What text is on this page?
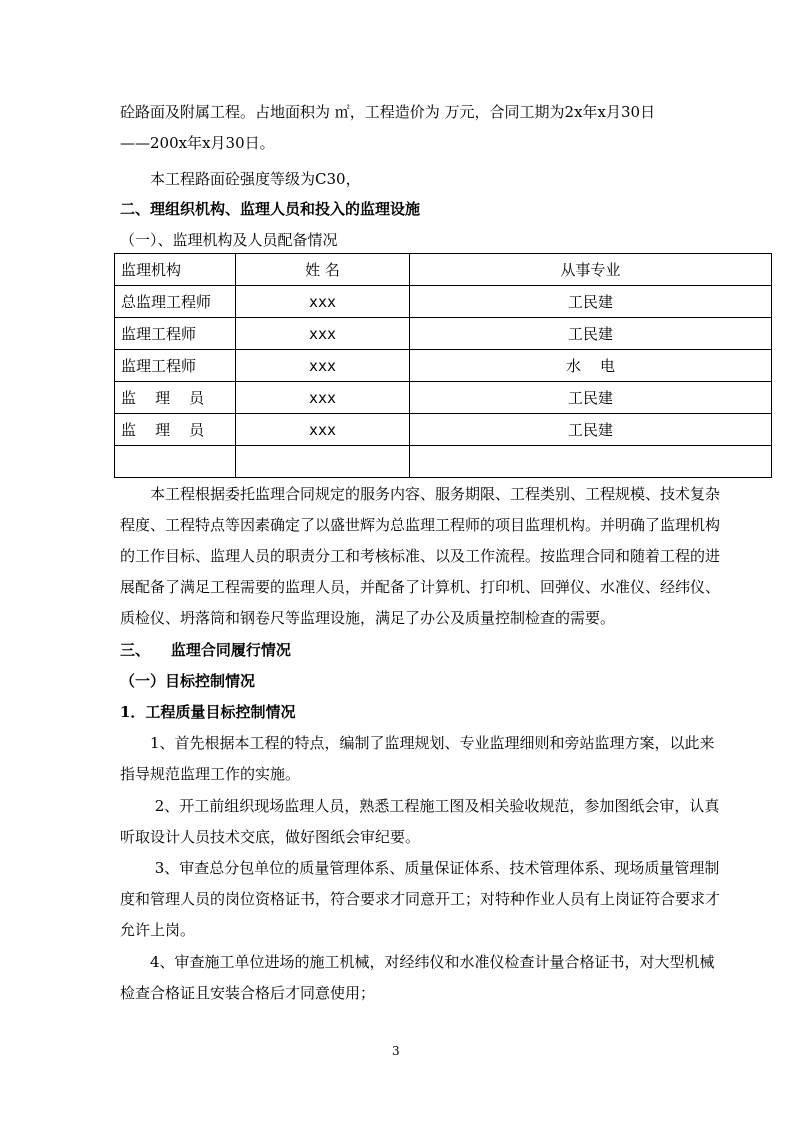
砼路面及附属工程。占地面积为 ㎡，工程造价为 万元，合同工期为2x年x月30日
——200x年x月30日。
本工程路面砼强度等级为C30，
二、理组织机构、监理人员和投入的监理设施
（一）、监理机构及人员配备情况
监理机构	姓 名	从事专业
总监理工程师	xxx	工民建
监理工程师	xxx	工民建
监理工程师	xxx	水    电
监    理    员	xxx	工民建
监    理    员	xxx	工民建

本工程根据委托监理合同规定的服务内容、服务期限、工程类别、工程规模、技术复杂
程度、工程特点等因素确定了以盛世辉为总监理工程师的项目监理机构。并明确了监理机构
的工作目标、监理人员的职责分工和考核标准、以及工作流程。按监理合同和随着工程的进
展配备了满足工程需要的监理人员，并配备了计算机、打印机、回弹仪、水准仪、经纬仪、
质检仪、坍落筒和钢卷尺等监理设施，满足了办公及质量控制检查的需要。
三、    监理合同履行情况
（一）目标控制情况
1．工程质量目标控制情况
1、首先根据本工程的特点，编制了监理规划、专业监理细则和旁站监理方案，以此来
指导规范监理工作的实施。
2、开工前组织现场监理人员，熟悉工程施工图及相关验收规范，参加图纸会审，认真
听取设计人员技术交底，做好图纸会审纪要。
3、审查总分包单位的质量管理体系、质量保证体系、技术管理体系、现场质量管理制
度和管理人员的岗位资格证书，符合要求才同意开工；对特种作业人员有上岗证符合要求才
允许上岗。
4、审查施工单位进场的施工机械，对经纬仪和水准仪检查计量合格证书，对大型机械
检查合格证且安装合格后才同意使用；
3
